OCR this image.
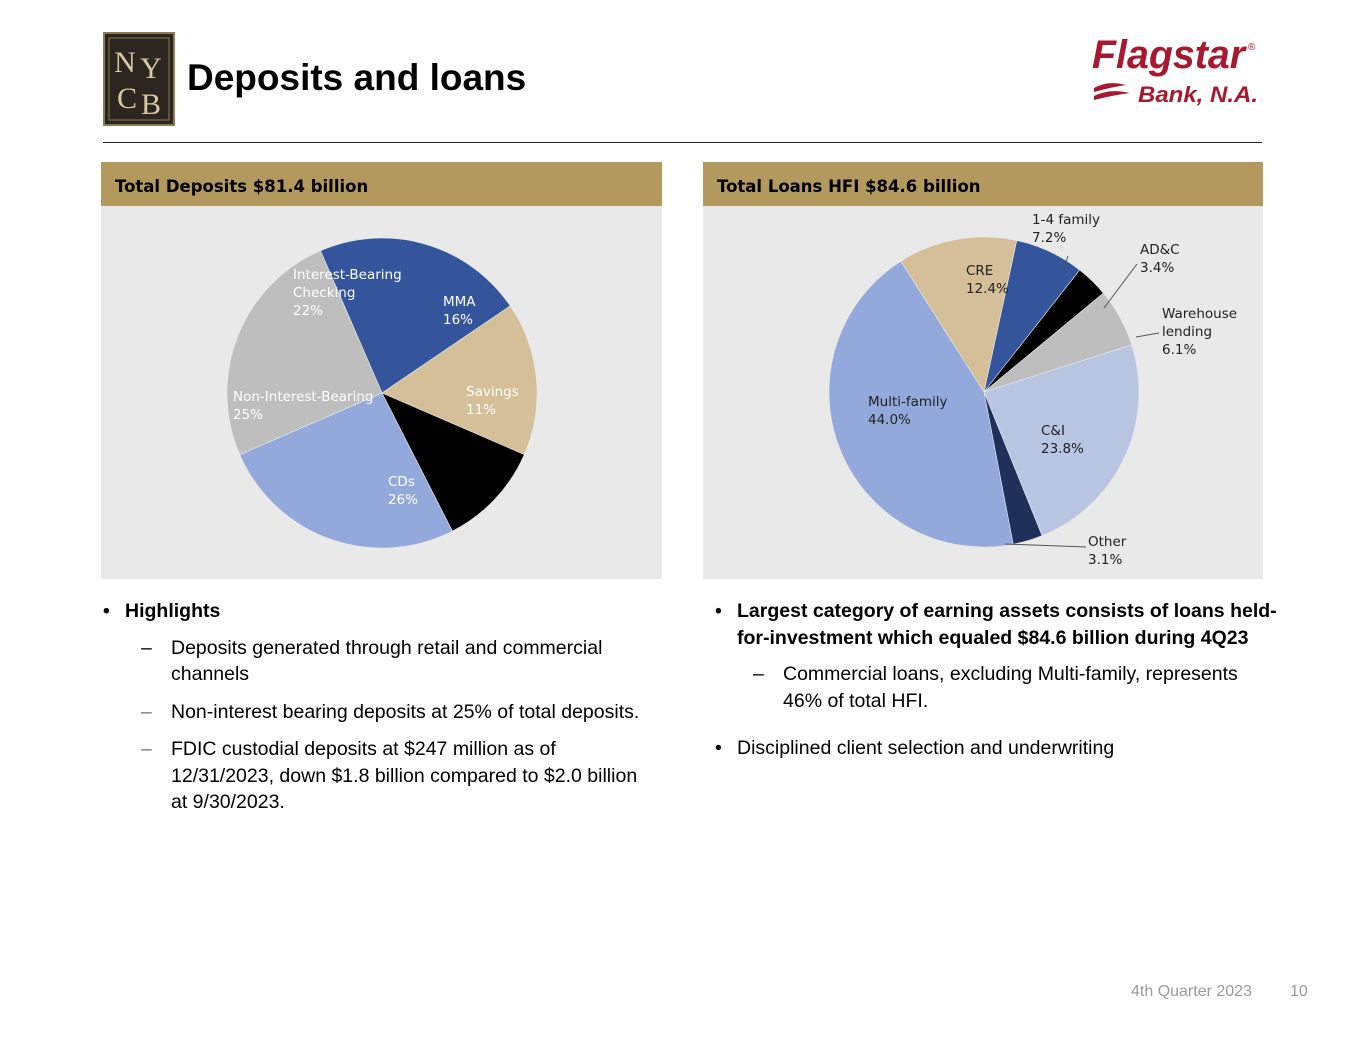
N Y
C B
Deposits and loans
Flagstar ®
Bank, N.A.
Total Deposits $81.4 billion
Interest-Bearing Checking 22%
MMA 16%
Savings 11%
CDs 26%
Non-Interest-Bearing 25%
Total Loans HFI $84.6 billion
1-4 family 7.2%
AD&C 3.4%
Warehouse lending 6.1%
C&I 23.8%
Other 3.1%
Multi-family 44.0%
CRE 12.4%
• Highlights
– Deposits generated through retail and commercial channels
– Non-interest bearing deposits at 25% of total deposits.
– FDIC custodial deposits at $247 million as of 12/31/2023, down $1.8 billion compared to $2.0 billion at 9/30/2023.
• Largest category of earning assets consists of loans held-for-investment which equaled $84.6 billion during 4Q23
– Commercial loans, excluding Multi-family, represents 46% of total HFI.
• Disciplined client selection and underwriting
4th Quarter 2023 10
